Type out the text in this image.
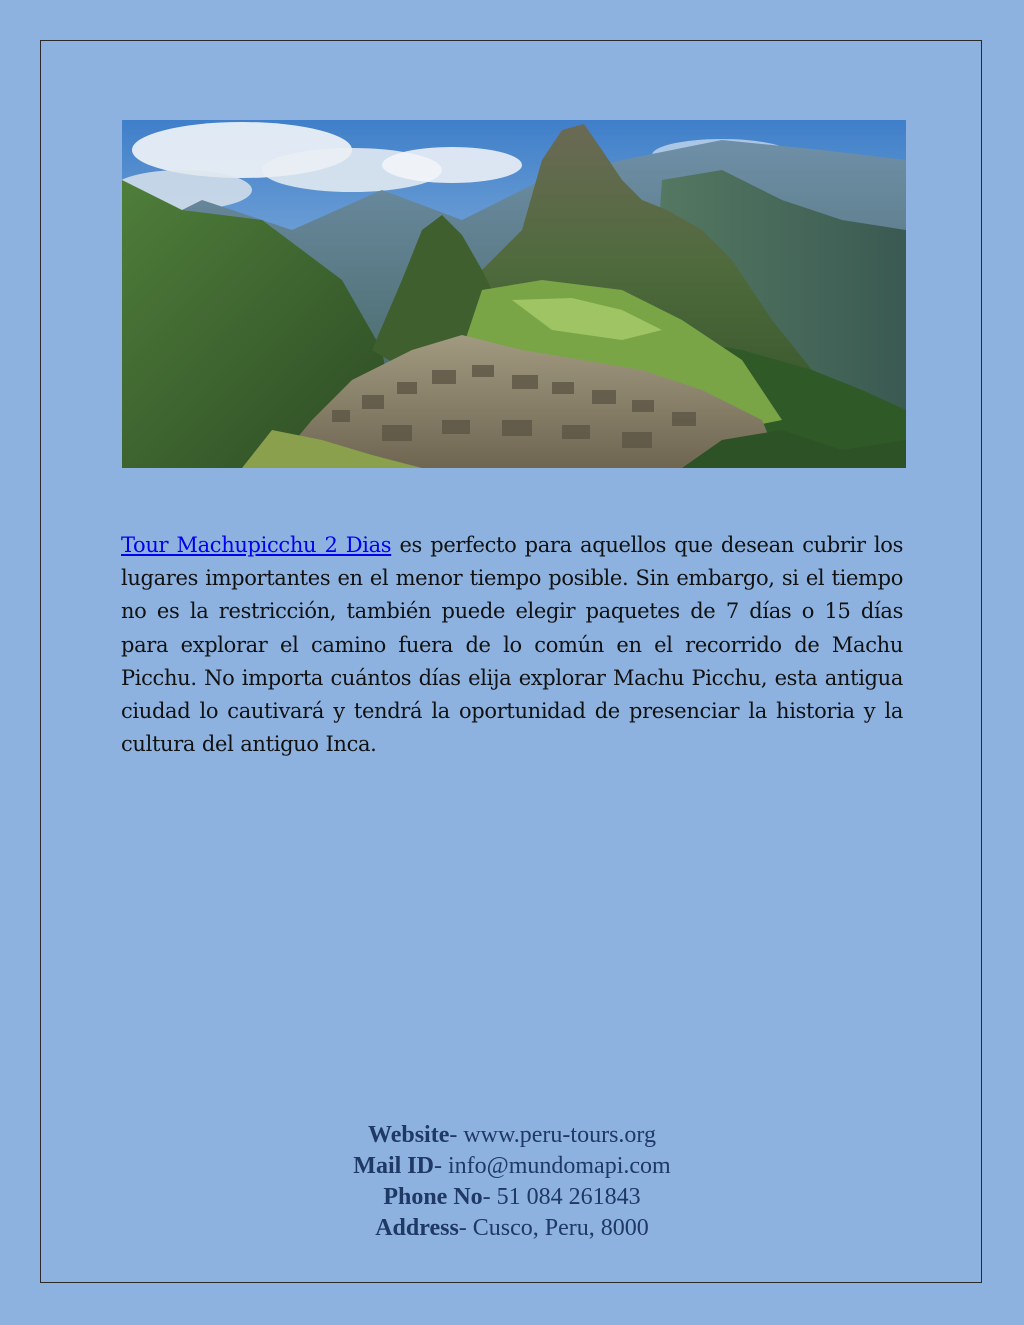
Tour Machupicchu 2 Dias es perfecto para aquellos que desean cubrir los lugares importantes en el menor tiempo posible. Sin embargo, si el tiempo no es la restricción, también puede elegir paquetes de 7 días o 15 días para explorar el camino fuera de lo común en el recorrido de Machu Picchu. No importa cuántos días elija explorar Machu Picchu, esta antigua ciudad lo cautivará y tendrá la oportunidad de presenciar la historia y la cultura del antiguo Inca.

Website- www.peru-tours.org
Mail ID- info@mundomapi.com
Phone No- 51 084 261843
Address- Cusco, Peru, 8000
